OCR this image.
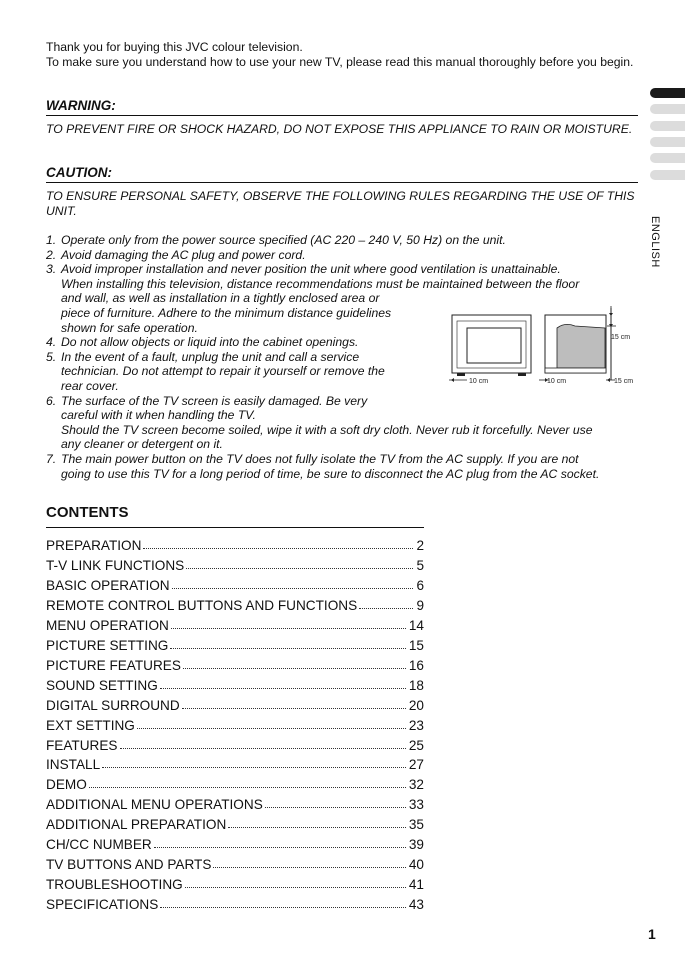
Thank you for buying this JVC colour television.

To make sure you understand how to use your new TV, please read this manual thoroughly before you begin.

WARNING:
TO PREVENT FIRE OR SHOCK HAZARD, DO NOT EXPOSE THIS APPLIANCE TO RAIN OR MOISTURE.
CAUTION:
TO ENSURE PERSONAL SAFETY, OBSERVE THE FOLLOWING RULES REGARDING THE USE OF THIS UNIT.
1. Operate only from the power source specified (AC 220 – 240 V, 50 Hz) on the unit.
2. Avoid damaging the AC plug and power cord.
3. Avoid improper installation and never position the unit where good ventilation is unattainable.
When installing this television, distance recommendations must be maintained between the floor
and wall, as well as installation in a tightly enclosed area or
piece of furniture. Adhere to the minimum distance guidelines
shown for safe operation.
4. Do not allow objects or liquid into the cabinet openings.
5. In the event of a fault, unplug the unit and call a service
technician. Do not attempt to repair it yourself or remove the
rear cover.
6. The surface of the TV screen is easily damaged. Be very
careful with it when handling the TV.
Should the TV screen become soiled, wipe it with a soft dry cloth. Never rub it forcefully. Never use
any cleaner or detergent on it.
7. The main power button on the TV does not fully isolate the TV from the AC supply. If you are not
going to use this TV for a long period of time, be sure to disconnect the AC plug from the AC socket.
15 cm
10 cm	10 cm	15 cm
CONTENTS
PREPARATION	2
T-V LINK FUNCTIONS	5
BASIC OPERATION	6
REMOTE CONTROL BUTTONS AND FUNCTIONS	9
MENU OPERATION	14
PICTURE SETTING	15
PICTURE FEATURES	16
SOUND SETTING	18
DIGITAL SURROUND	20
EXT SETTING	23
FEATURES	25
INSTALL	27
DEMO	32
ADDITIONAL MENU OPERATIONS	33
ADDITIONAL PREPARATION	35
CH/CC NUMBER	39
TV BUTTONS AND PARTS	40
TROUBLESHOOTING	41
SPECIFICATIONS	43
ENGLISH
1
